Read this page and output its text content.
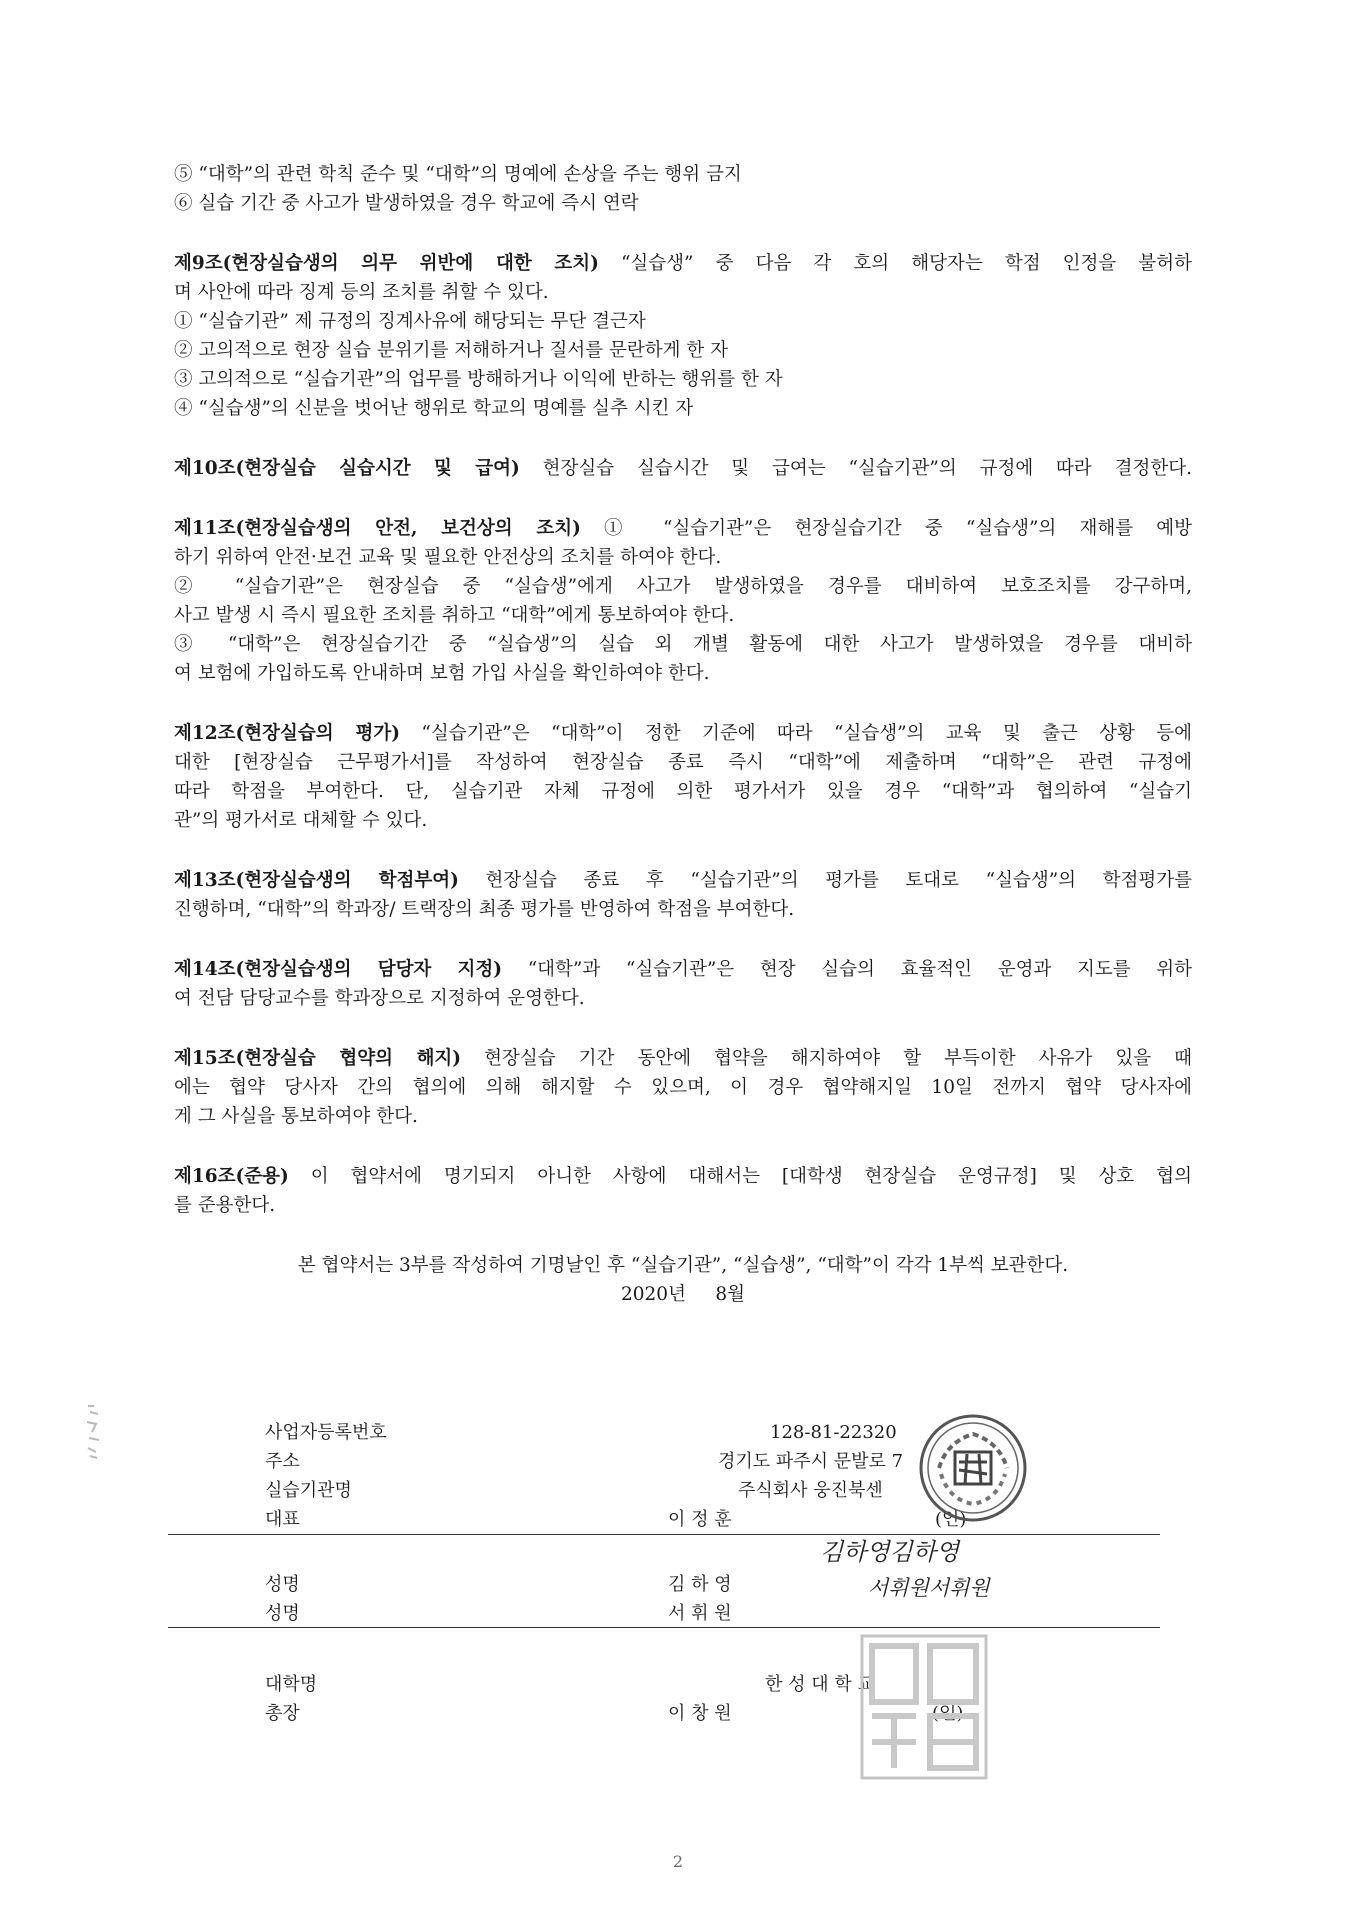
⑤ “대학”의 관련 학칙 준수 및 “대학”의 명예에 손상을 주는 행위 금지
⑥ 실습 기간 중 사고가 발생하였을 경우 학교에 즉시 연락
제9조(현장실습생의 의무 위반에 대한 조치) “실습생” 중 다음 각 호의 해당자는 학점 인정을 불허하
며 사안에 따라 징계 등의 조치를 취할 수 있다.
① “실습기관” 제 규정의 징계사유에 해당되는 무단 결근자
② 고의적으로 현장 실습 분위기를 저해하거나 질서를 문란하게 한 자
③ 고의적으로 “실습기관”의 업무를 방해하거나 이익에 반하는 행위를 한 자
④ “실습생”의 신분을 벗어난 행위로 학교의 명예를 실추 시킨 자
제10조(현장실습 실습시간 및 급여) 현장실습 실습시간 및 급여는 “실습기관”의 규정에 따라 결정한다.
제11조(현장실습생의 안전, 보건상의 조치) ① “실습기관”은 현장실습기간 중 “실습생”의 재해를 예방
하기 위하여 안전·보건 교육 및 필요한 안전상의 조치를 하여야 한다.
② “실습기관”은 현장실습 중 “실습생”에게 사고가 발생하였을 경우를 대비하여 보호조치를 강구하며,
사고 발생 시 즉시 필요한 조치를 취하고 “대학”에게 통보하여야 한다.
③ “대학”은 현장실습기간 중 “실습생”의 실습 외 개별 활동에 대한 사고가 발생하였을 경우를 대비하
여 보험에 가입하도록 안내하며 보험 가입 사실을 확인하여야 한다.
제12조(현장실습의 평가) “실습기관”은 “대학”이 정한 기준에 따라 “실습생”의 교육 및 출근 상황 등에
대한 [현장실습 근무평가서]를 작성하여 현장실습 종료 즉시 “대학”에 제출하며 “대학”은 관련 규정에
따라 학점을 부여한다. 단, 실습기관 자체 규정에 의한 평가서가 있을 경우 “대학”과 협의하여 “실습기
관”의 평가서로 대체할 수 있다.
제13조(현장실습생의 학점부여) 현장실습 종료 후 “실습기관”의 평가를 토대로 “실습생”의 학점평가를
진행하며, “대학”의 학과장/ 트랙장의 최종 평가를 반영하여 학점을 부여한다.
제14조(현장실습생의 담당자 지정) “대학”과 “실습기관”은 현장 실습의 효율적인 운영과 지도를 위하
여 전담 담당교수를 학과장으로 지정하여 운영한다.
제15조(현장실습 협약의 해지) 현장실습 기간 동안에 협약을 해지하여야 할 부득이한 사유가 있을 때
에는 협약 당사자 간의 협의에 의해 해지할 수 있으며, 이 경우 협약해지일 10일 전까지 협약 당사자에
게 그 사실을 통보하여야 한다.
제16조(준용) 이 협약서에 명기되지 아니한 사항에 대해서는 [대학생 현장실습 운영규정] 및 상호 협의
를 준용한다.
본 협약서는 3부를 작성하여 기명날인 후 “실습기관”, “실습생”, “대학”이 각각 1부씩 보관한다.
2020년 8월
사업자등록번호	128-81-22320
주소	경기도 파주시 문발로 7
실습기관명	주식회사 웅진북센
대표	이 정 훈	(인)
성명	김 하 영
성명	서 휘 원
대학명	한 성 대 학 교
총장	이 창 원	(인)
김하영김하영
서휘원서휘원
2
